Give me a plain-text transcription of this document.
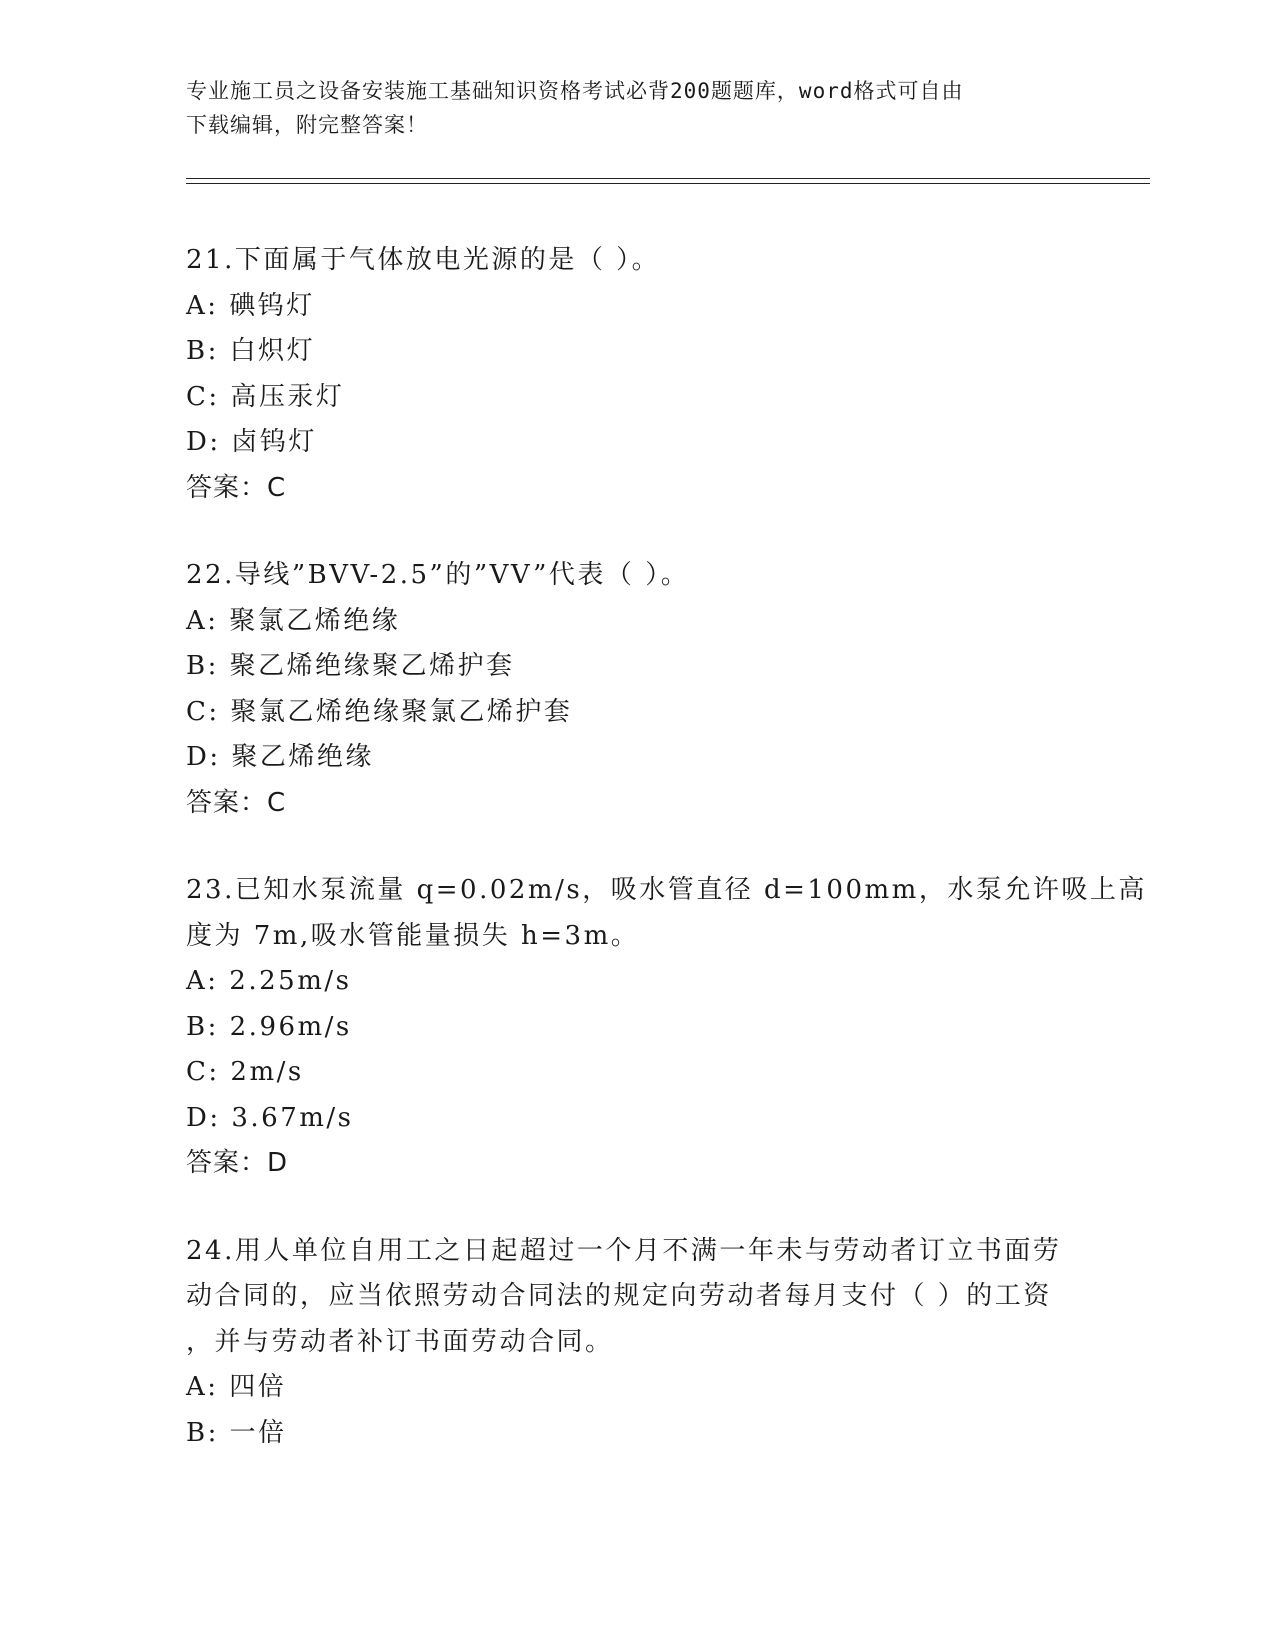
专业施工员之设备安装施工基础知识资格考试必背200题题库，word格式可自由
下载编辑，附完整答案！
21.下面属于气体放电光源的是（ ）。
A: 碘钨灯
B: 白炽灯
C: 高压汞灯
D: 卤钨灯
答案：C
22.导线”BVV-2.5”的”VV”代表（ ）。
A: 聚氯乙烯绝缘
B: 聚乙烯绝缘聚乙烯护套
C: 聚氯乙烯绝缘聚氯乙烯护套
D: 聚乙烯绝缘
答案：C
23.已知水泵流量 q=0.02m/s，吸水管直径 d=100mm，水泵允许吸上高
度为 7m,吸水管能量损失 h=3m。
A: 2.25m/s
B: 2.96m/s
C: 2m/s
D: 3.67m/s
答案：D
24.用人单位自用工之日起超过一个月不满一年未与劳动者订立书面劳
动合同的，应当依照劳动合同法的规定向劳动者每月支付（ ）的工资
，并与劳动者补订书面劳动合同。
A: 四倍
B: 一倍
